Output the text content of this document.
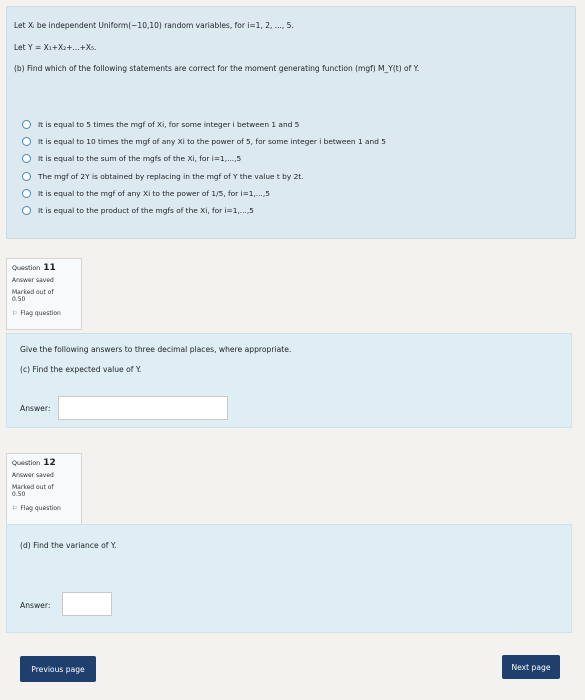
Let Xᵢ be independent Uniform(−10,10) random variables, for i=1, 2, ..., 5.
Let Y = X₁+X₂+...+X₅.
(b) Find which of the following statements are correct for the moment generating function (mgf) M_Y(t) of Y.
It is equal to 5 times the mgf of Xi, for some integer i between 1 and 5
It is equal to 10 times the mgf of any Xi to the power of 5, for some integer i between 1 and 5
It is equal to the sum of the mgfs of the Xi, for i=1,...,5
The mgf of 2Y is obtained by replacing in the mgf of Y the value t by 2t.
It is equal to the mgf of any Xi to the power of 1/5, for i=1,...,5
It is equal to the product of the mgfs of the Xi, for i=1,...,5
Question 11
Answer saved
Marked out of
0.50
⚐ Flag question
Give the following answers to three decimal places, where appropriate.
(c) Find the expected value of Y.
Answer:
Question 12
Answer saved
Marked out of
0.50
⚐ Flag question
(d) Find the variance of Y.
Answer:
Previous page	Next page
